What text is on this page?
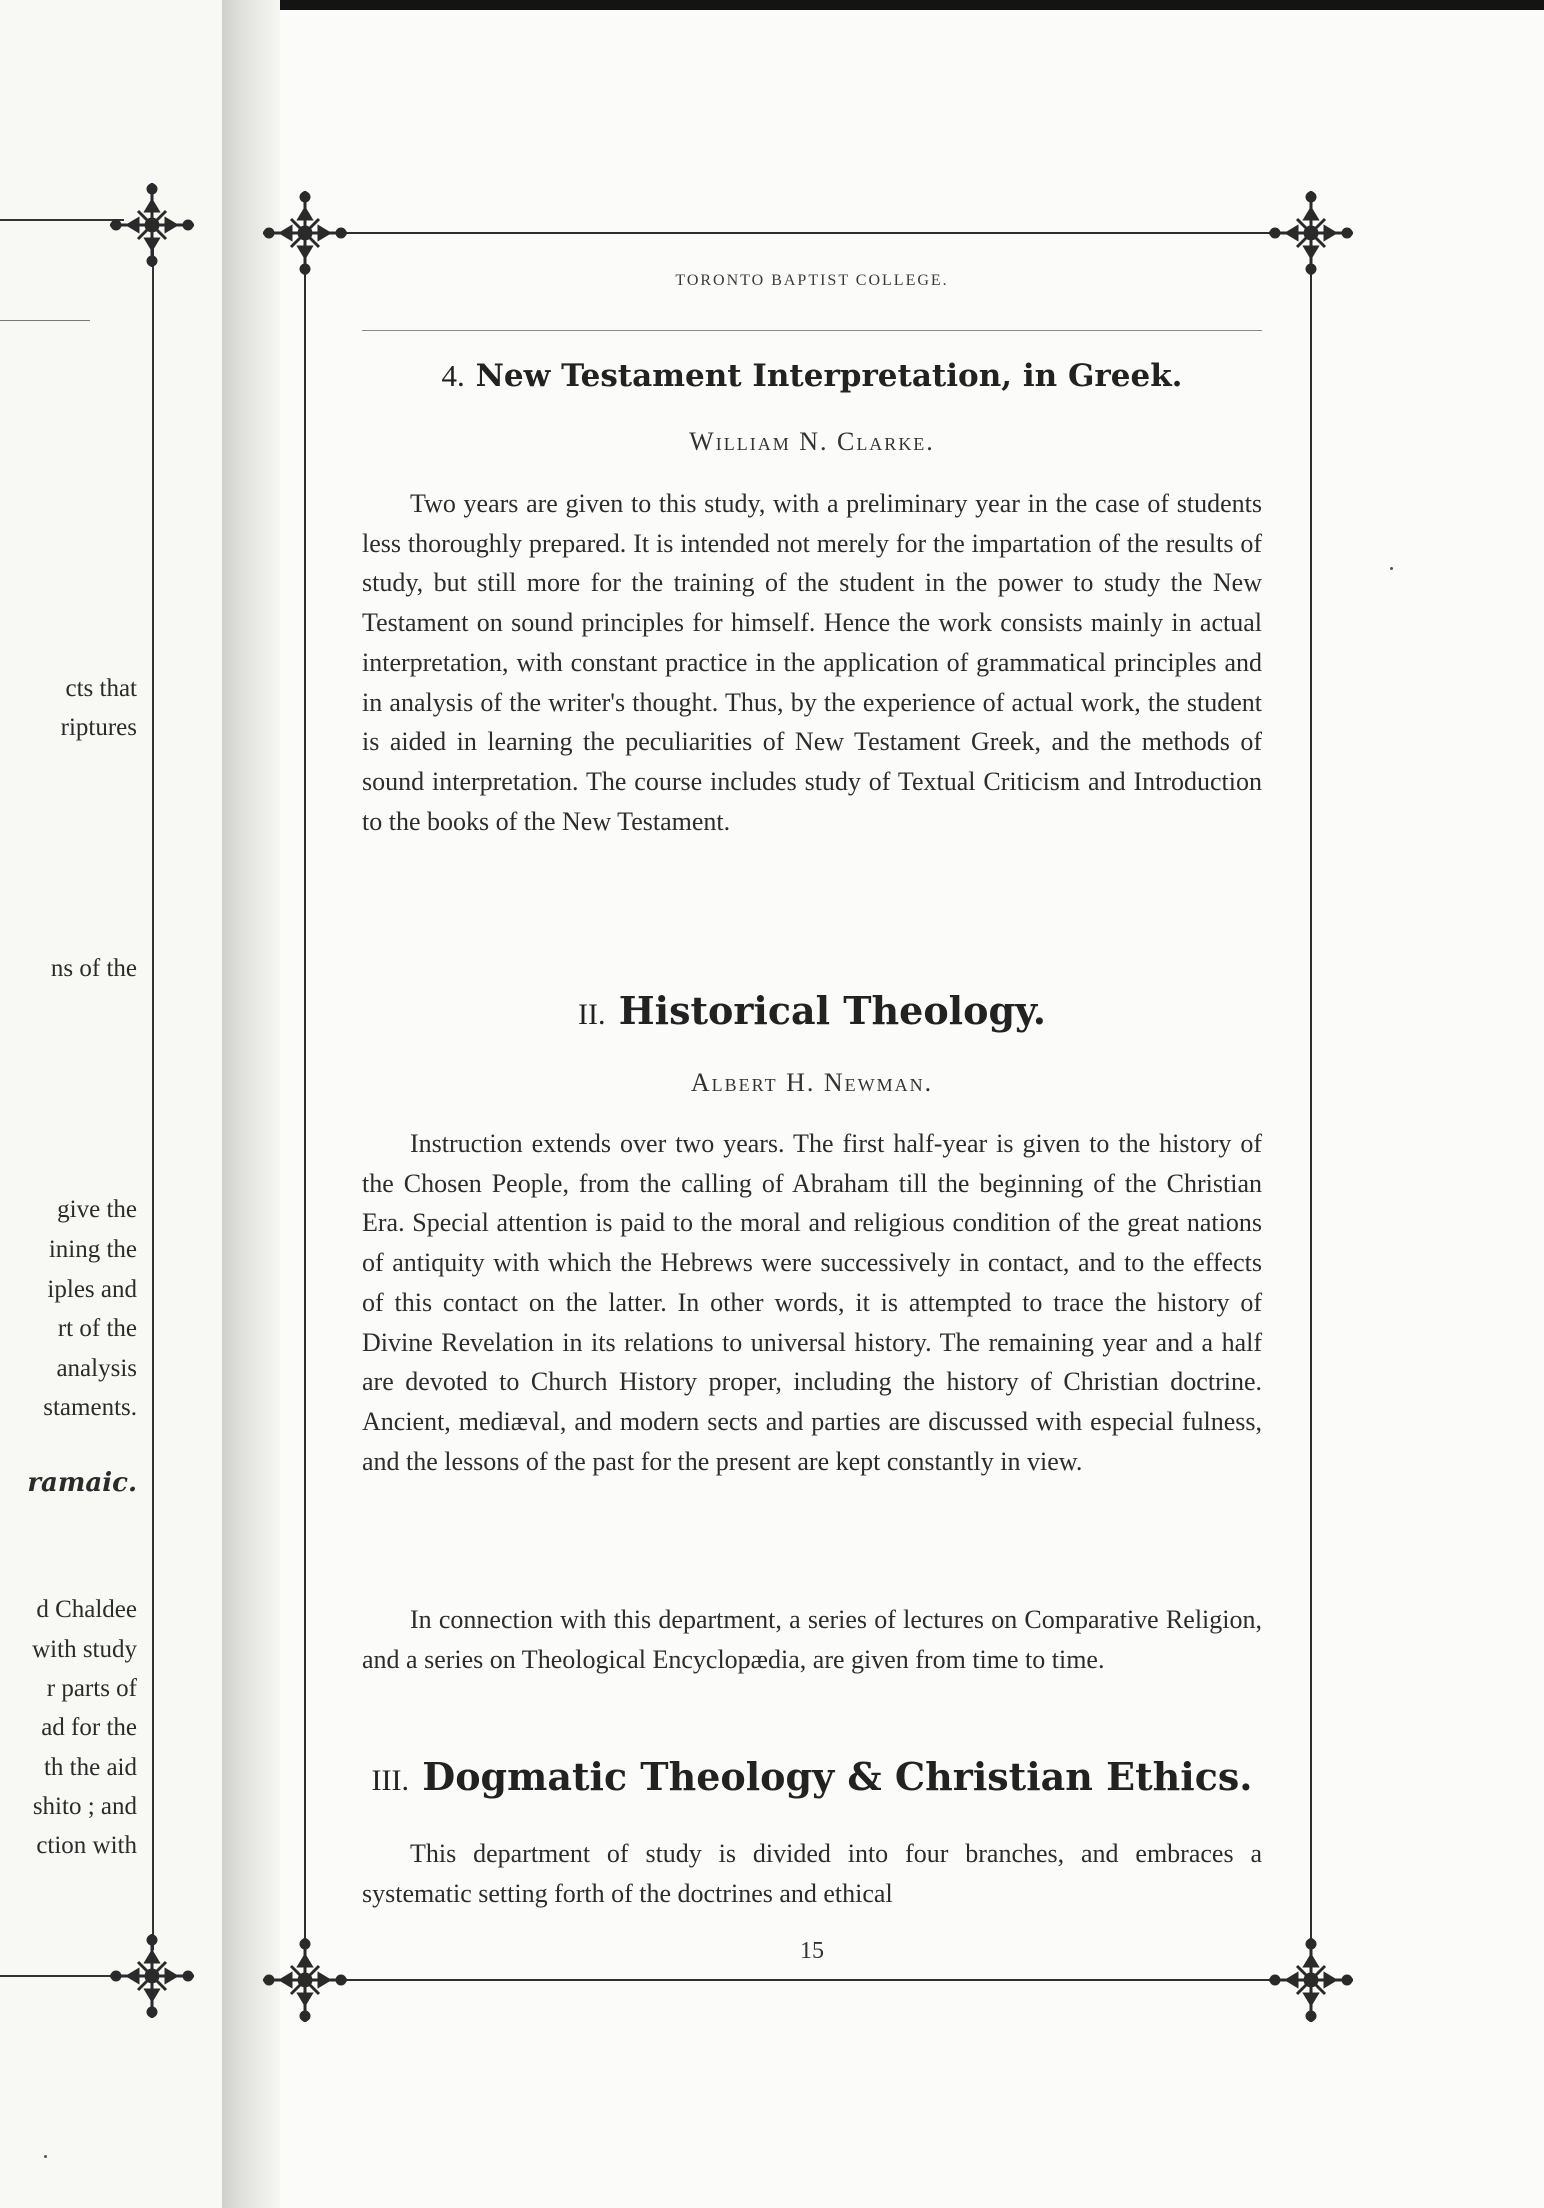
cts that
riptures
ns of the
give the
ining the
iples and
rt of the
analysis
staments.
ramaic.
d Chaldee
with study
r parts of
ad for the
th the aid
shito ; and
ction with
TORONTO BAPTIST COLLEGE.
4. New Testament Interpretation, in Greek.
William N. Clarke.

Two years are given to this study, with a preliminary year in the case of students less thoroughly prepared. It is intended not merely for the impartation of the results of study, but still more for the training of the student in the power to study the New Testament on sound principles for himself. Hence the work consists mainly in actual interpretation, with constant practice in the application of grammatical principles and in analysis of the writer's thought. Thus, by the experience of actual work, the student is aided in learning the peculiarities of New Testament Greek, and the methods of sound interpretation. The course includes study of Textual Criticism and Introduction to the books of the New Testament.

II. Historical Theology.
Albert H. Newman.

Instruction extends over two years. The first half-year is given to the history of the Chosen People, from the calling of Abraham till the beginning of the Christian Era. Special attention is paid to the moral and religious condition of the great nations of antiquity with which the Hebrews were successively in contact, and to the effects of this contact on the latter. In other words, it is attempted to trace the history of Divine Revelation in its relations to universal history. The remaining year and a half are devoted to Church History proper, including the history of Christian doctrine. Ancient, mediæval, and modern sects and parties are discussed with especial fulness, and the lessons of the past for the present are kept constantly in view.

In connection with this department, a series of lectures on Comparative Religion, and a series on Theological Encyclopædia, are given from time to time.

III. Dogmatic Theology & Christian Ethics.

This department of study is divided into four branches, and embraces a systematic setting forth of the doctrines and ethical

15
